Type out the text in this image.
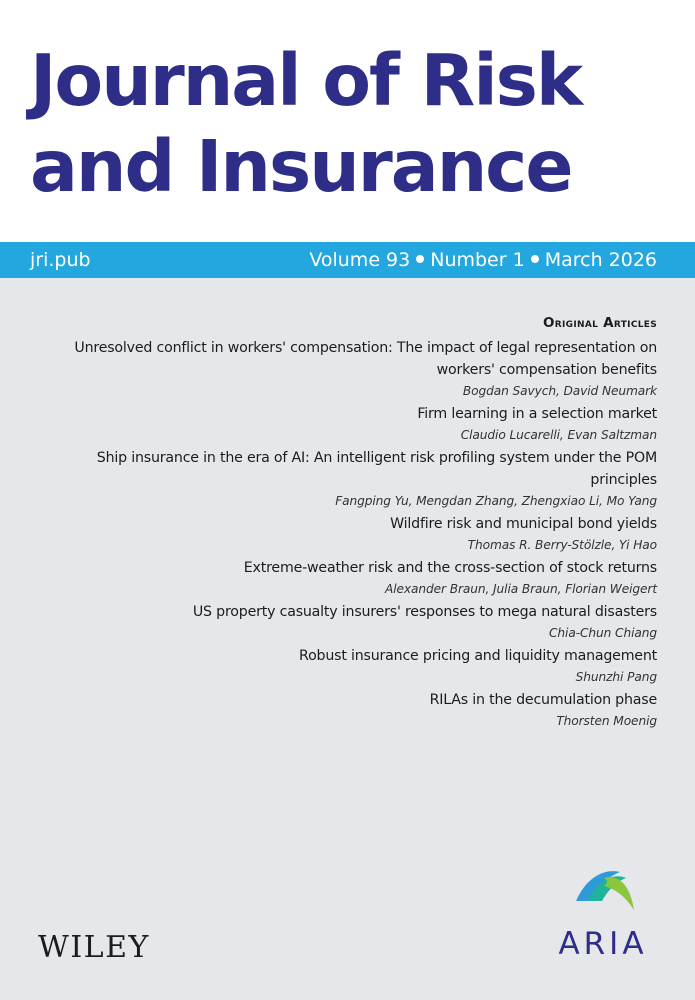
Journal of Risk
and Insurance
jri.pub	Volume 93 Number 1 March 2026
Original Articles
Unresolved conflict in workers' compensation: The impact of legal representation on
workers' compensation benefits
Bogdan Savych, David Neumark
Firm learning in a selection market
Claudio Lucarelli, Evan Saltzman
Ship insurance in the era of AI: An intelligent risk profiling system under the POM principles
Fangping Yu, Mengdan Zhang, Zhengxiao Li, Mo Yang
Wildfire risk and municipal bond yields
Thomas R. Berry-Stölzle, Yi Hao
Extreme-weather risk and the cross-section of stock returns
Alexander Braun, Julia Braun, Florian Weigert
US property casualty insurers' responses to mega natural disasters
Chia-Chun Chiang
Robust insurance pricing and liquidity management
Shunzhi Pang
RILAs in the decumulation phase
Thorsten Moenig
WILEY	ARIA
